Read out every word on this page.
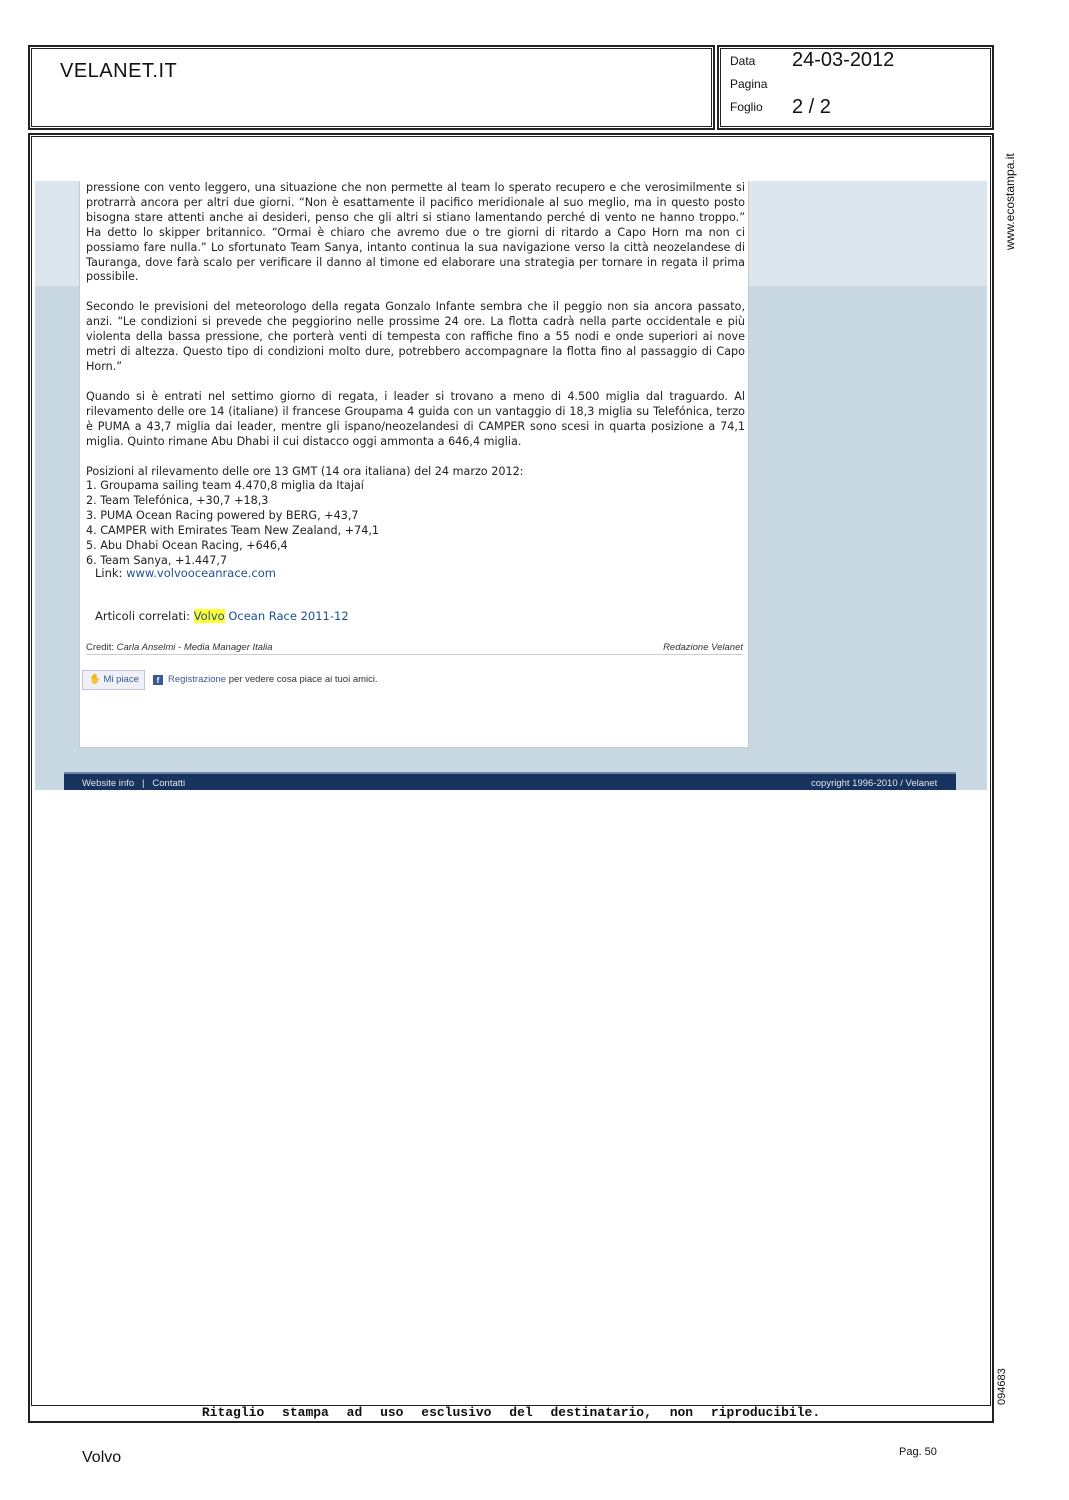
VELANET.IT	Data 24-03-2012
Pagina
Foglio 2 / 2
www.ecostampa.it
094683

pressione con vento leggero, una situazione che non permette al team lo sperato recupero e che verosimilmente si protrarrà ancora per altri due giorni. “Non è esattamente il pacifico meridionale al suo meglio, ma in questo posto bisogna stare attenti anche ai desideri, penso che gli altri si stiano lamentando perché di vento ne hanno troppo.” Ha detto lo skipper britannico. “Ormai è chiaro che avremo due o tre giorni di ritardo a Capo Horn ma non ci possiamo fare nulla.” Lo sfortunato Team Sanya, intanto continua la sua navigazione verso la città neozelandese di Tauranga, dove farà scalo per verificare il danno al timone ed elaborare una strategia per tornare in regata il prima possibile.

Secondo le previsioni del meteorologo della regata Gonzalo Infante sembra che il peggio non sia ancora passato, anzi. “Le condizioni si prevede che peggiorino nelle prossime 24 ore. La flotta cadrà nella parte occidentale e più violenta della bassa pressione, che porterà venti di tempesta con raffiche fino a 55 nodi e onde superiori ai nove metri di altezza. Questo tipo di condizioni molto dure, potrebbero accompagnare la flotta fino al passaggio di Capo Horn.”

Quando si è entrati nel settimo giorno di regata, i leader si trovano a meno di 4.500 miglia dal traguardo. Al rilevamento delle ore 14 (italiane) il francese Groupama 4 guida con un vantaggio di 18,3 miglia su Telefónica, terzo è PUMA a 43,7 miglia dai leader, mentre gli ispano/neozelandesi di CAMPER sono scesi in quarta posizione a 74,1 miglia. Quinto rimane Abu Dhabi il cui distacco oggi ammonta a 646,4 miglia.

Posizioni al rilevamento delle ore 13 GMT (14 ora italiana) del 24 marzo 2012:
1. Groupama sailing team 4.470,8 miglia da Itajaí
2. Team Telefónica, +30,7 +18,3
3. PUMA Ocean Racing powered by BERG, +43,7
4. CAMPER with Emirates Team New Zealand, +74,1
5. Abu Dhabi Ocean Racing, +646,4
6. Team Sanya, +1.447,7
Link: www.volvooceanrace.com
Articoli correlati: Volvo Ocean Race 2011-12
Credit: Carla Anselmi - Media Manager Italia	Redazione Velanet
✋ Mi piace	f Registrazione per vedere cosa piace ai tuoi amici.
Website info   |   Contatti	copyright 1996-2010 / Velanet
Ritaglio stampa ad uso esclusivo del destinatario, non riproducibile.
Volvo	Pag. 50
